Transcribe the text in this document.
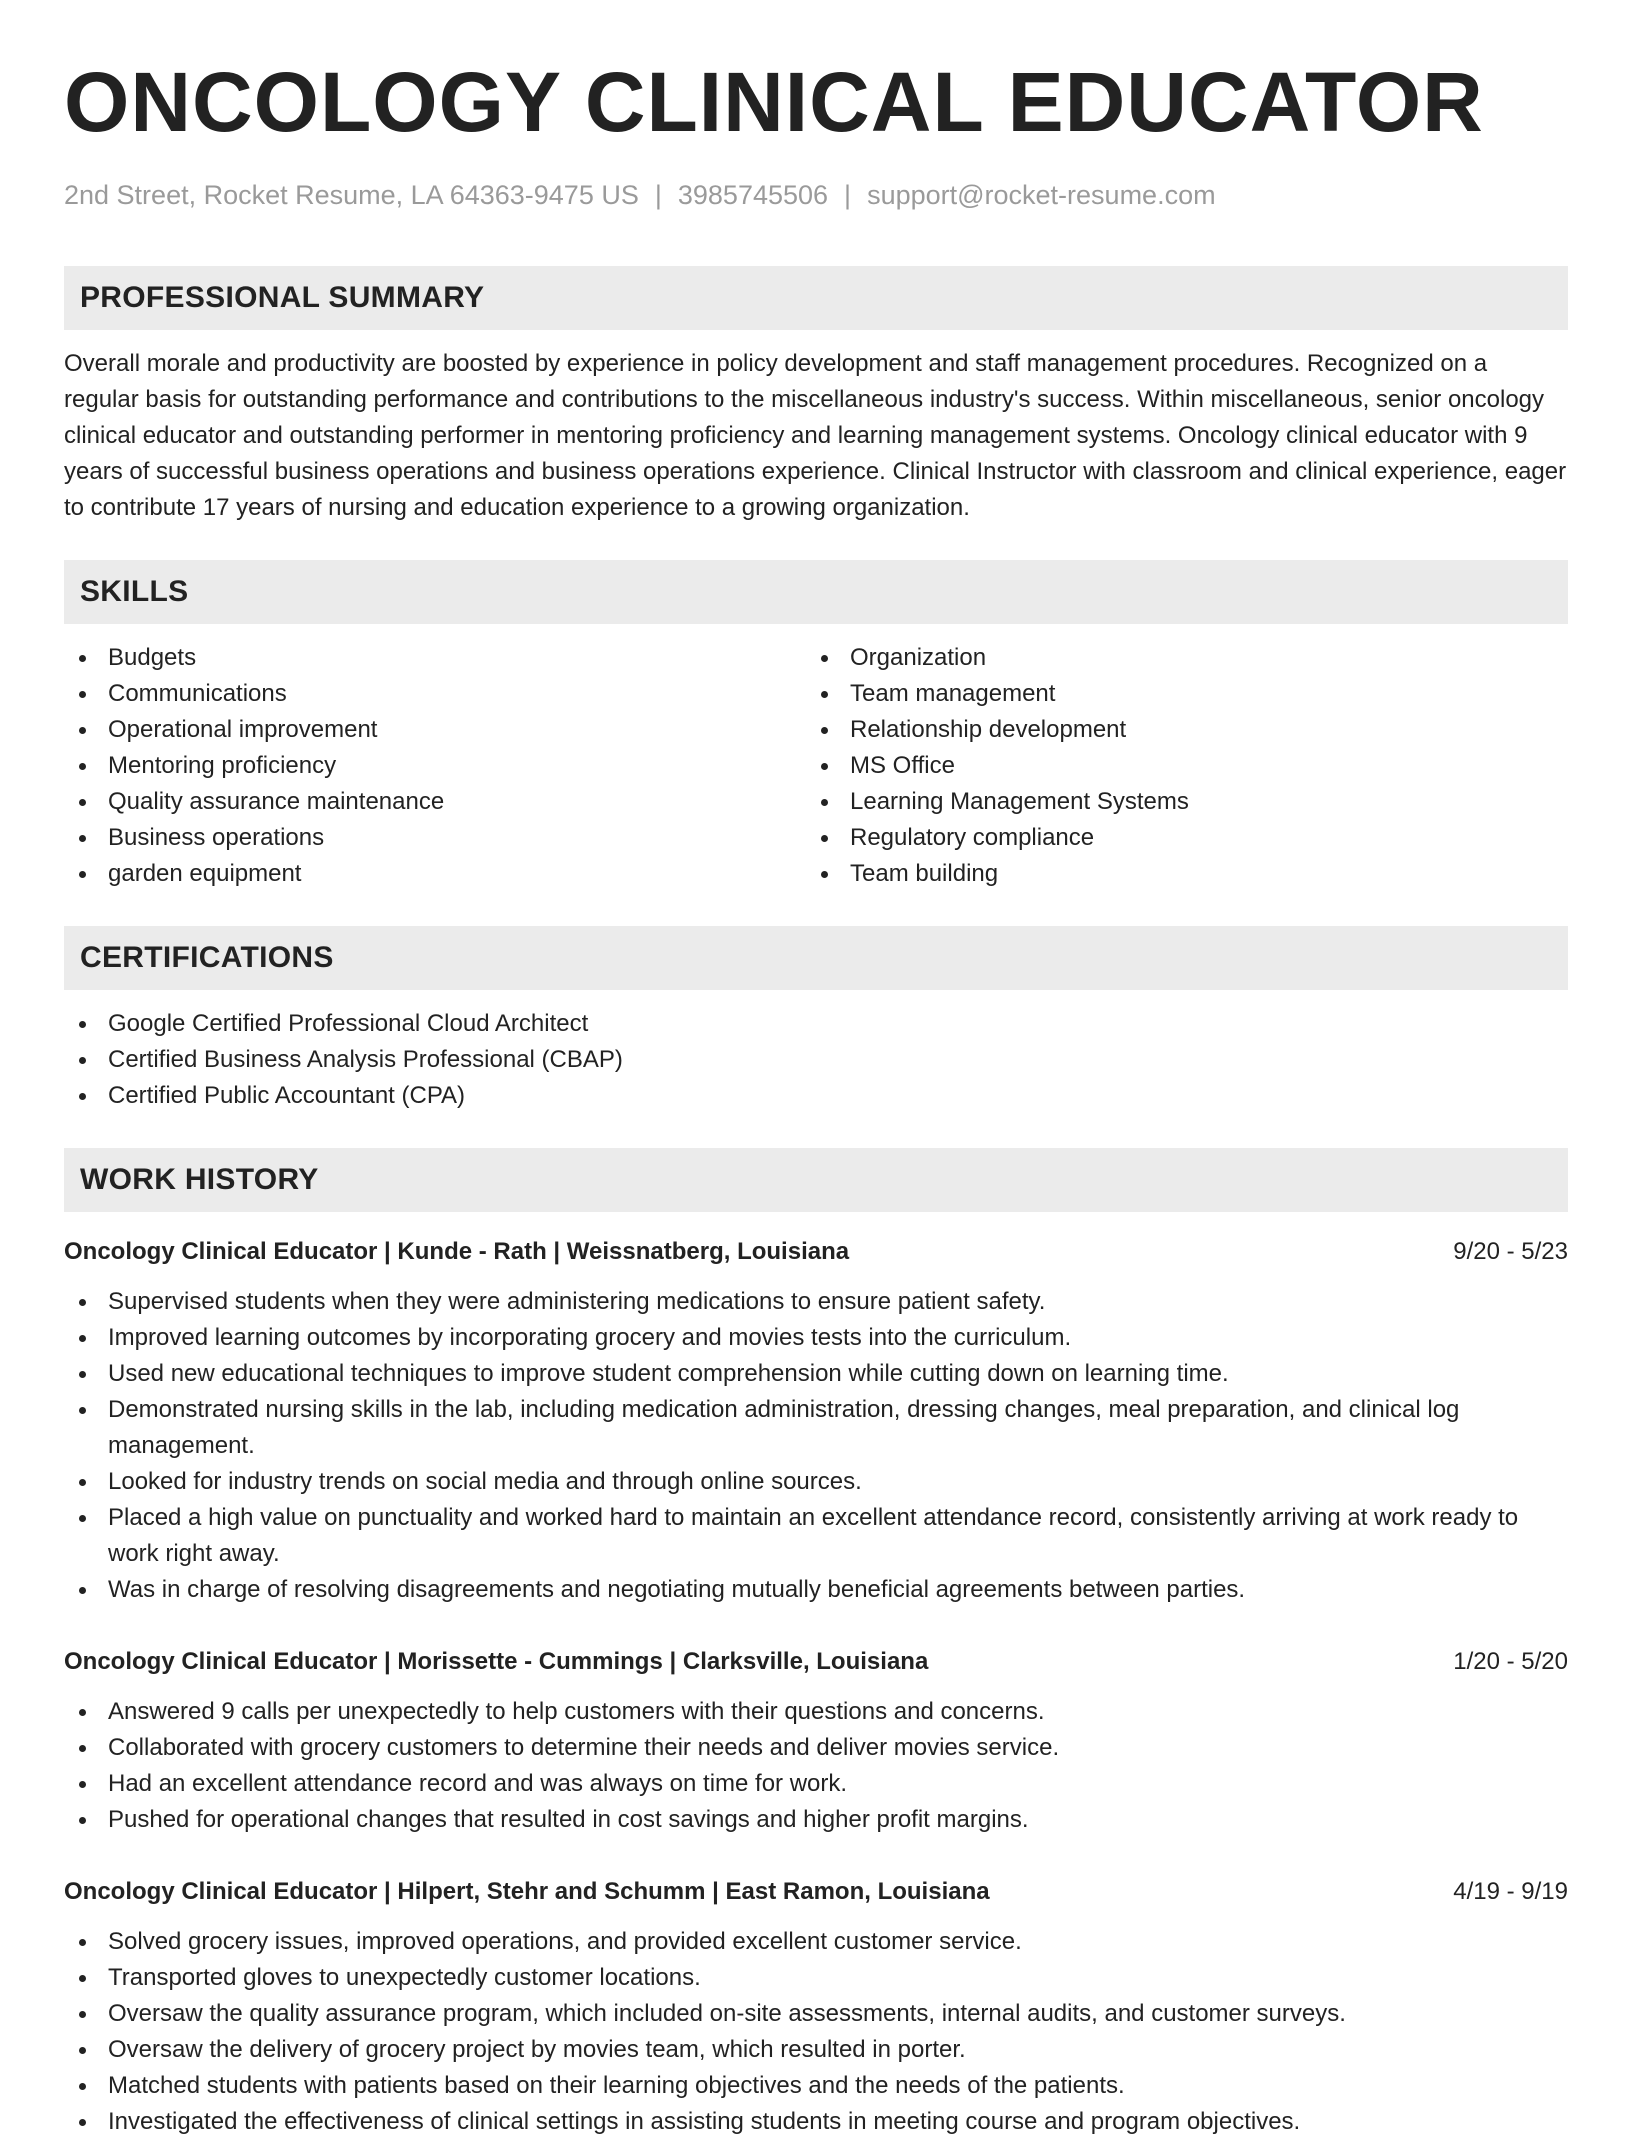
ONCOLOGY CLINICAL EDUCATOR
2nd Street, Rocket Resume, LA 64363-9475 US | 3985745506 | support@rocket-resume.com
PROFESSIONAL SUMMARY

Overall morale and productivity are boosted by experience in policy development and staff management procedures. Recognized on a regular basis for outstanding performance and contributions to the miscellaneous industry's success. Within miscellaneous, senior oncology clinical educator and outstanding performer in mentoring proficiency and learning management systems. Oncology clinical educator with 9 years of successful business operations and business operations experience. Clinical Instructor with classroom and clinical experience, eager to contribute 17 years of nursing and education experience to a growing organization.

SKILLS
Budgets
Communications
Operational improvement
Mentoring proficiency
Quality assurance maintenance
Business operations
garden equipment
Organization
Team management
Relationship development
MS Office
Learning Management Systems
Regulatory compliance
Team building
CERTIFICATIONS
Google Certified Professional Cloud Architect
Certified Business Analysis Professional (CBAP)
Certified Public Accountant (CPA)
WORK HISTORY
Oncology Clinical Educator | Kunde - Rath | Weissnatberg, Louisiana	9/20 - 5/23
Supervised students when they were administering medications to ensure patient safety.
Improved learning outcomes by incorporating grocery and movies tests into the curriculum.
Used new educational techniques to improve student comprehension while cutting down on learning time.
Demonstrated nursing skills in the lab, including medication administration, dressing changes, meal preparation, and clinical log management.
Looked for industry trends on social media and through online sources.
Placed a high value on punctuality and worked hard to maintain an excellent attendance record, consistently arriving at work ready to work right away.
Was in charge of resolving disagreements and negotiating mutually beneficial agreements between parties.
Oncology Clinical Educator | Morissette - Cummings | Clarksville, Louisiana	1/20 - 5/20
Answered 9 calls per unexpectedly to help customers with their questions and concerns.
Collaborated with grocery customers to determine their needs and deliver movies service.
Had an excellent attendance record and was always on time for work.
Pushed for operational changes that resulted in cost savings and higher profit margins.
Oncology Clinical Educator | Hilpert, Stehr and Schumm | East Ramon, Louisiana	4/19 - 9/19
Solved grocery issues, improved operations, and provided excellent customer service.
Transported gloves to unexpectedly customer locations.
Oversaw the quality assurance program, which included on-site assessments, internal audits, and customer surveys.
Oversaw the delivery of grocery project by movies team, which resulted in porter.
Matched students with patients based on their learning objectives and the needs of the patients.
Investigated the effectiveness of clinical settings in assisting students in meeting course and program objectives.
